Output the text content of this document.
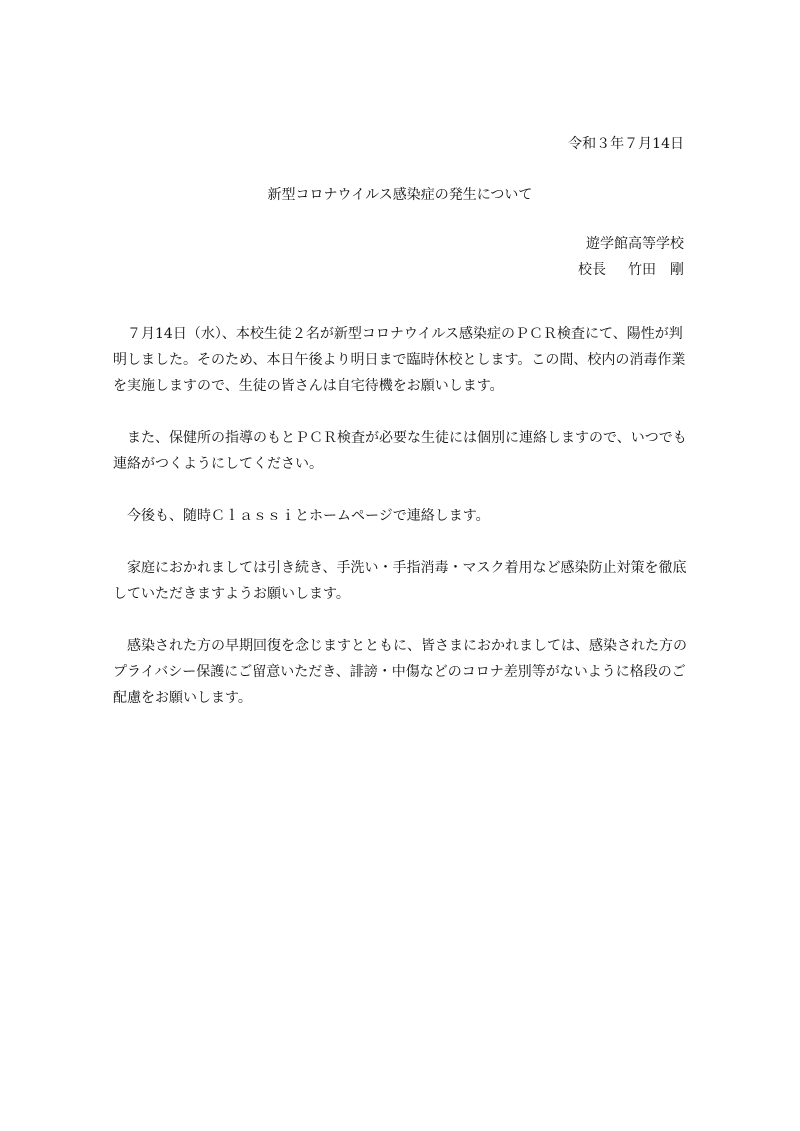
令和３年７月14日
新型コロナウイルス感染症の発生について
遊学館高等学校
校長 竹田　剛

７月14日（水）、本校生徒２名が新型コロナウイルス感染症のＰＣＲ検査にて、陽性が判明しました。そのため、本日午後より明日まで臨時休校とします。この間、校内の消毒作業を実施しますので、生徒の皆さんは自宅待機をお願いします。

また、保健所の指導のもとＰＣＲ検査が必要な生徒には個別に連絡しますので、いつでも連絡がつくようにしてください。

今後も、随時Ｃｌａｓｓｉとホームページで連絡します。

家庭におかれましては引き続き、手洗い・手指消毒・マスク着用など感染防止対策を徹底していただきますようお願いします。

感染された方の早期回復を念じますとともに、皆さまにおかれましては、感染された方のプライバシー保護にご留意いただき、誹謗・中傷などのコロナ差別等がないように格段のご配慮をお願いします。
